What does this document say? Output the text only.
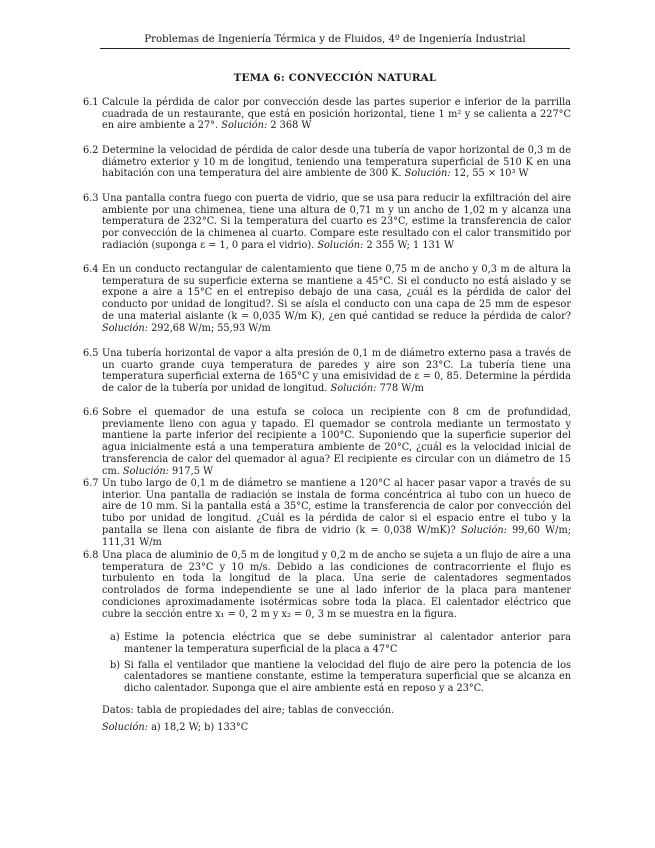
Problemas de Ingeniería Térmica y de Fluidos, 4º de Ingeniería Industrial
TEMA 6: CONVECCIÓN NATURAL
6.1 Calcule la pérdida de calor por convección desde las partes superior e inferior de la parrilla cuadrada de un restaurante, que está en posición horizontal, tiene 1 m² y se calienta a 227°C en aire ambiente a 27°. Solución: 2 368 W
6.2 Determine la velocidad de pérdida de calor desde una tubería de vapor horizontal de 0,3 m de diámetro exterior y 10 m de longitud, teniendo una temperatura superficial de 510 K en una habitación con una temperatura del aire ambiente de 300 K. Solución: 12, 55 × 10³ W
6.3 Una pantalla contra fuego con puerta de vidrio, que se usa para reducir la exfiltración del aire ambiente por una chimenea, tiene una altura de 0,71 m y un ancho de 1,02 m y alcanza una temperatura de 232°C. Si la temperatura del cuarto es 23°C, estime la transferencia de calor por convección de la chimenea al cuarto. Compare este resultado con el calor transmitido por radiación (suponga ε = 1, 0 para el vidrio). Solución: 2 355 W; 1 131 W
6.4 En un conducto rectangular de calentamiento que tiene 0,75 m de ancho y 0,3 m de altura la temperatura de su superficie externa se mantiene a 45°C. Si el conducto no está aislado y se expone a aire a 15°C en el entrepiso debajo de una casa, ¿cuál es la pérdida de calor del conducto por unidad de longitud?. Si se aísla el conducto con una capa de 25 mm de espesor de una material aislante (k = 0,035 W/m K), ¿en qué cantidad se reduce la pérdida de calor? Solución: 292,68 W/m; 55,93 W/m
6.5 Una tubería horizontal de vapor a alta presión de 0,1 m de diámetro externo pasa a través de un cuarto grande cuya temperatura de paredes y aire son 23°C. La tubería tiene una temperatura superficial externa de 165°C y una emisividad de ε = 0, 85. Determine la pérdida de calor de la tubería por unidad de longitud. Solución: 778 W/m
6.6 Sobre el quemador de una estufa se coloca un recipiente con 8 cm de profundidad, previamente lleno con agua y tapado. El quemador se controla mediante un termostato y mantiene la parte inferior del recipiente a 100°C. Suponiendo que la superficie superior del agua inicialmente está a una temperatura ambiente de 20°C, ¿cuál es la velocidad inicial de transferencia de calor del quemador al agua? El recipiente es circular con un diámetro de 15 cm. Solución: 917,5 W
6.7 Un tubo largo de 0,1 m de diámetro se mantiene a 120°C al hacer pasar vapor a través de su interior. Una pantalla de radiación se instala de forma concéntrica al tubo con un hueco de aire de 10 mm. Si la pantalla está a 35°C, estime la transferencia de calor por convección del tubo por unidad de longitud. ¿Cuál es la pérdida de calor si el espacio entre el tubo y la pantalla se llena con aislante de fibra de vidrio (k = 0,038 W/mK)? Solución: 99,60 W/m; 111,31 W/m
6.8 Una placa de aluminio de 0,5 m de longitud y 0,2 m de ancho se sujeta a un flujo de aire a una temperatura de 23°C y 10 m/s. Debido a las condiciones de contracorriente el flujo es turbulento en toda la longitud de la placa. Una serie de calentadores segmentados controlados de forma independiente se une al lado inferior de la placa para mantener condiciones aproximadamente isotérmicas sobre toda la placa. El calentador eléctrico que cubre la sección entre x₁ = 0, 2 m y x₂ = 0, 3 m se muestra en la figura.
a) Estime la potencia eléctrica que se debe suministrar al calentador anterior para mantener la temperatura superficial de la placa a 47°C
b) Si falla el ventilador que mantiene la velocidad del flujo de aire pero la potencia de los calentadores se mantiene constante, estime la temperatura superficial que se alcanza en dicho calentador. Suponga que el aire ambiente está en reposo y a 23°C.
Datos: tabla de propiedades del aire; tablas de convección.
Solución: a) 18,2 W; b) 133°C
